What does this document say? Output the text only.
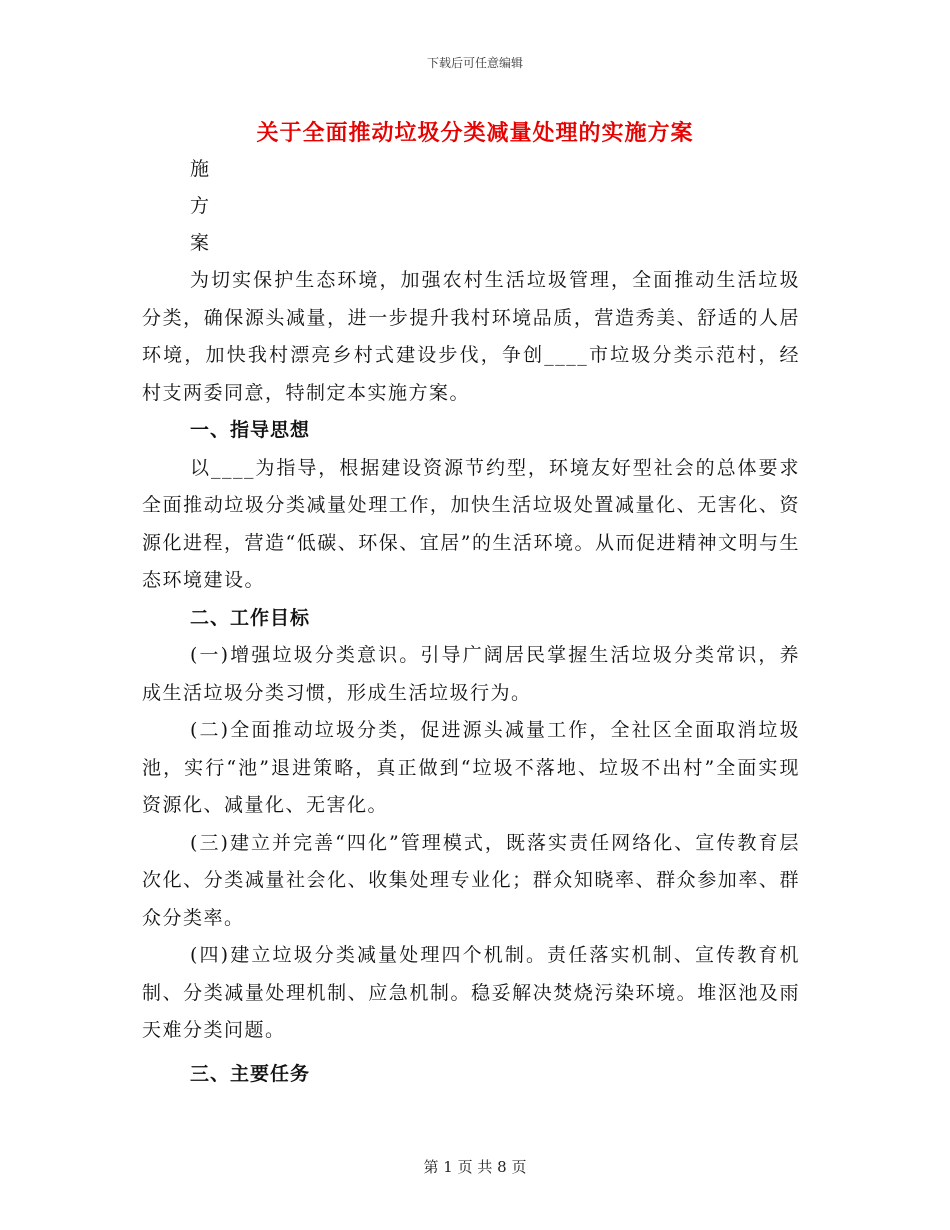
下载后可任意编辑
关于全面推动垃圾分类减量处理的实施方案
施
方
案

为切实保护生态环境，加强农村生活垃圾管理，全面推动生活垃圾分类，确保源头减量，进一步提升我村环境品质，营造秀美、舒适的人居环境，加快我村漂亮乡村式建设步伐，争创____市垃圾分类示范村，经村支两委同意，特制定本实施方案。

一、指导思想

以____为指导，根据建设资源节约型，环境友好型社会的总体要求全面推动垃圾分类减量处理工作，加快生活垃圾处置减量化、无害化、资源化进程，营造“低碳、环保、宜居”的生活环境。从而促进精神文明与生态环境建设。

二、工作目标

(一)增强垃圾分类意识。引导广阔居民掌握生活垃圾分类常识，养成生活垃圾分类习惯，形成生活垃圾行为。

(二)全面推动垃圾分类，促进源头减量工作，全社区全面取消垃圾池，实行“池”退进策略，真正做到“垃圾不落地、垃圾不出村”全面实现资源化、减量化、无害化。

(三)建立并完善“四化”管理模式，既落实责任网络化、宣传教育层次化、分类减量社会化、收集处理专业化；群众知晓率、群众参加率、群众分类率。

(四)建立垃圾分类减量处理四个机制。责任落实机制、宣传教育机制、分类减量处理机制、应急机制。稳妥解决焚烧污染环境。堆沤池及雨天难分类问题。

三、主要任务

第 1 页 共 8 页
